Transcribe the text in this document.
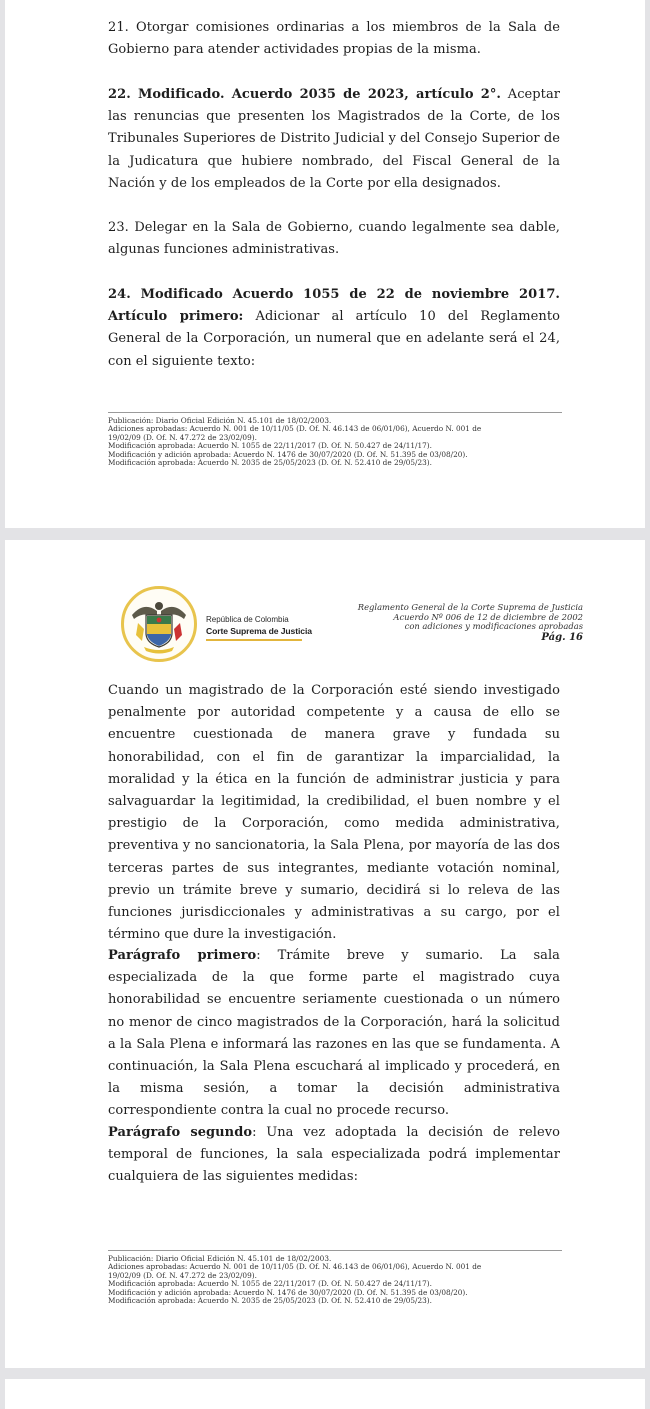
21. Otorgar comisiones ordinarias a los miembros de la Sala de Gobierno para atender actividades propias de la misma.

22. Modificado. Acuerdo 2035 de 2023, artículo 2°. Aceptar las renuncias que presenten los Magistrados de la Corte, de los Tribunales Superiores de Distrito Judicial y del Consejo Superior de la Judicatura que hubiere nombrado, del Fiscal General de la Nación y de los empleados de la Corte por ella designados.

23. Delegar en la Sala de Gobierno, cuando legalmente sea dable, algunas funciones administrativas.

24. Modificado Acuerdo 1055 de 22 de noviembre 2017. Artículo primero: Adicionar al artículo 10 del Reglamento General de la Corporación, un numeral que en adelante será el 24, con el siguiente texto:

Publicación: Diario Oficial Edición N. 45.101 de 18/02/2003.
Adiciones aprobadas: Acuerdo N. 001 de 10/11/05 (D. Of. N. 46.143 de 06/01/06), Acuerdo N. 001 de
19/02/09 (D. Of. N. 47.272 de 23/02/09).
Modificación aprobada: Acuerdo N. 1055 de 22/11/2017 (D. Of. N. 50.427 de 24/11/17).
Modificación y adición aprobada: Acuerdo N. 1476 de 30/07/2020 (D. Of. N. 51.395 de 03/08/20).
Modificación aprobada: Acuerdo N. 2035 de 25/05/2023 (D. Of. N. 52.410 de 29/05/23).
República de Colombia
Corte Suprema de Justicia
Reglamento General de la Corte Suprema de Justicia
Acuerdo Nº 006 de 12 de diciembre de 2002
con adiciones y modificaciones aprobadas
Pág. 16

Cuando un magistrado de la Corporación esté siendo investigado penalmente por autoridad competente y a causa de ello se encuentre cuestionada de manera grave y fundada su honorabilidad, con el fin de garantizar la imparcialidad, la moralidad y la ética en la función de administrar justicia y para salvaguardar la legitimidad, la credibilidad, el buen nombre y el prestigio de la Corporación, como medida administrativa, preventiva y no sancionatoria, la Sala Plena, por mayoría de las dos terceras partes de sus integrantes, mediante votación nominal, previo un trámite breve y sumario, decidirá si lo releva de las funciones jurisdiccionales y administrativas a su cargo, por el término que dure la investigación.

Parágrafo primero: Trámite breve y sumario. La sala especializada de la que forme parte el magistrado cuya honorabilidad se encuentre seriamente cuestionada o un número no menor de cinco magistrados de la Corporación, hará la solicitud a la Sala Plena e informará las razones en las que se fundamenta. A continuación, la Sala Plena escuchará al implicado y procederá, en la misma sesión, a tomar la decisión administrativa correspondiente contra la cual no procede recurso.

Parágrafo segundo: Una vez adoptada la decisión de relevo temporal de funciones, la sala especializada podrá implementar cualquiera de las siguientes medidas:

Publicación: Diario Oficial Edición N. 45.101 de 18/02/2003.
Adiciones aprobadas: Acuerdo N. 001 de 10/11/05 (D. Of. N. 46.143 de 06/01/06), Acuerdo N. 001 de
19/02/09 (D. Of. N. 47.272 de 23/02/09).
Modificación aprobada: Acuerdo N. 1055 de 22/11/2017 (D. Of. N. 50.427 de 24/11/17).
Modificación y adición aprobada: Acuerdo N. 1476 de 30/07/2020 (D. Of. N. 51.395 de 03/08/20).
Modificación aprobada: Acuerdo N. 2035 de 25/05/2023 (D. Of. N. 52.410 de 29/05/23).
